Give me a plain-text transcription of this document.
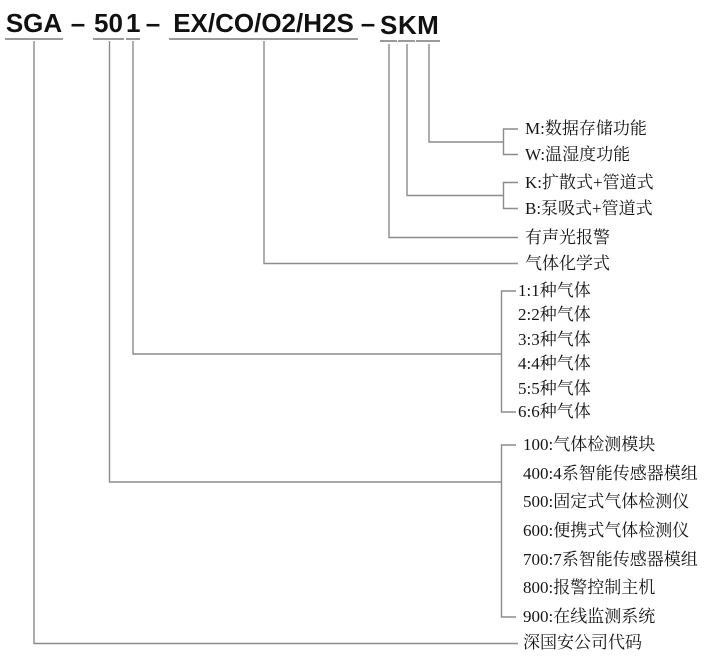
SGA – 50 1 – EX/CO/O2/H2S – S K M
M:数据存储功能
W:温湿度功能
K:扩散式+管道式
B:泵吸式+管道式
有声光报警
气体化学式
1:1种气体
2:2种气体
3:3种气体
4:4种气体
5:5种气体
6:6种气体
100:气体检测模块
400:4系智能传感器模组
500:固定式气体检测仪
600:便携式气体检测仪
700:7系智能传感器模组
800:报警控制主机
900:在线监测系统
深国安公司代码
